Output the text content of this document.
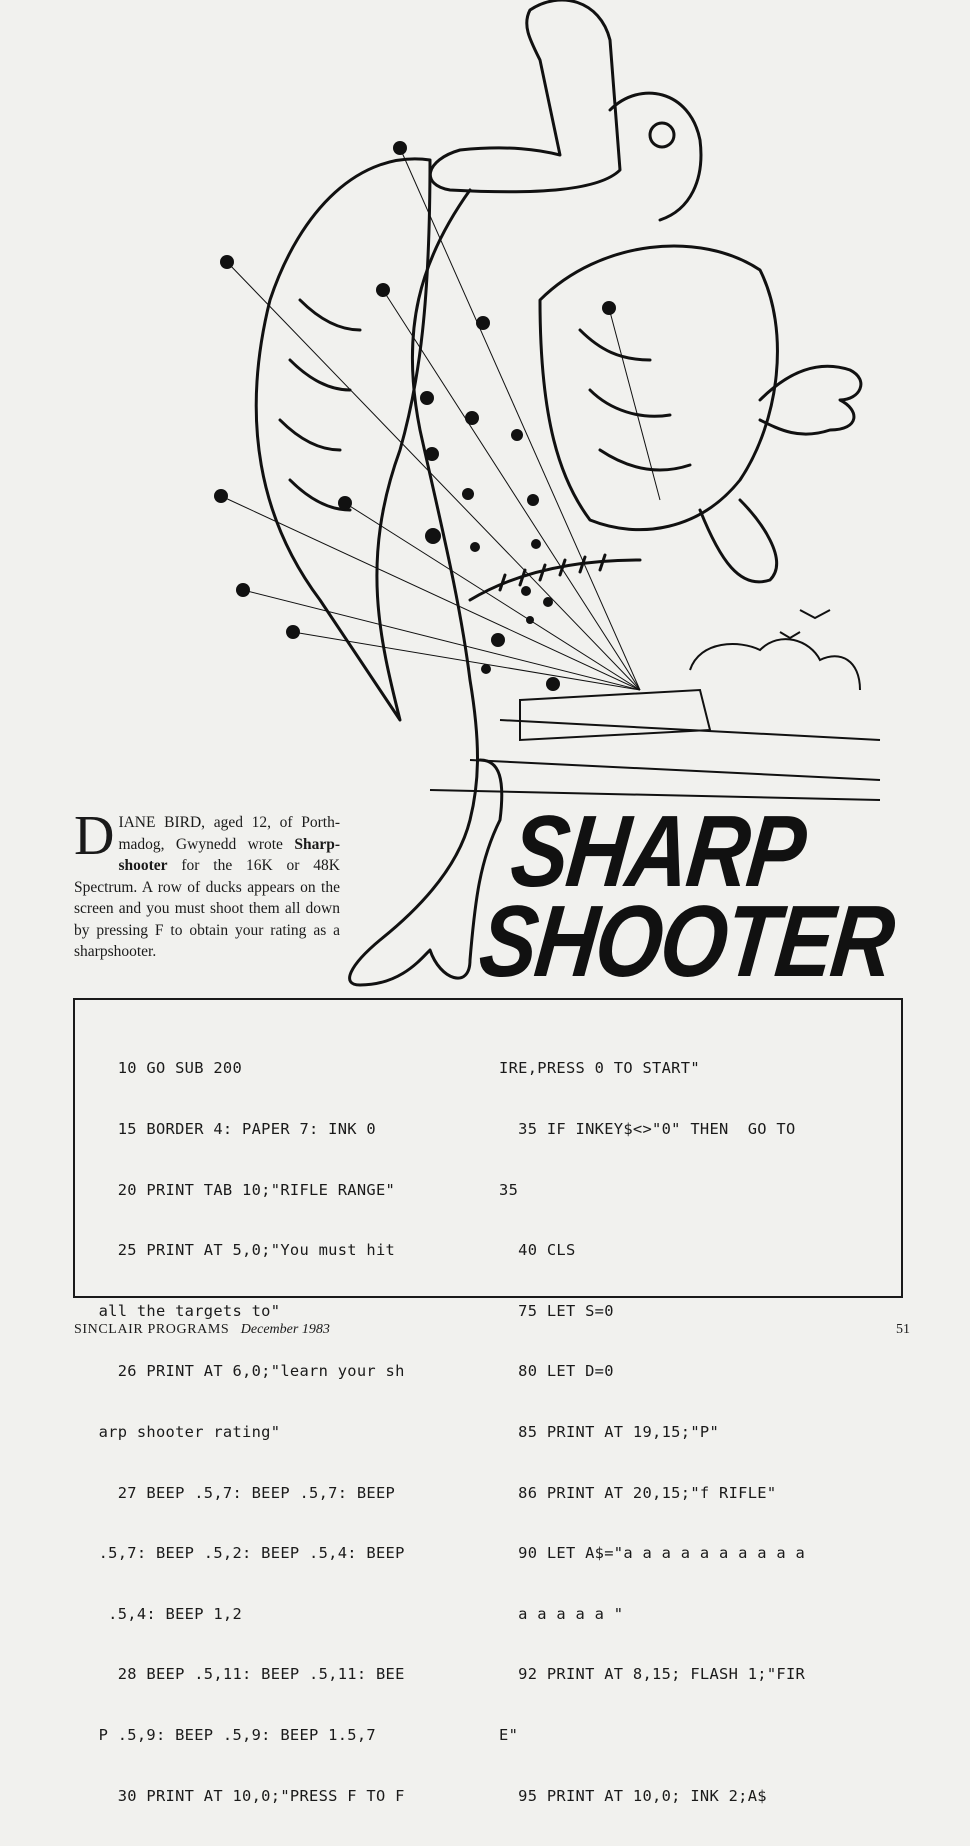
DIANE BIRD, aged 12, of Porth-madog, Gwynedd wrote Sharp-shooter for the 16K or 48K Spectrum. A row of ducks appears on the screen and you must shoot them all down by pressing F to obtain your rating as a sharpshooter.
SHARP
SHOOTER

10 GO SUB 200

15 BORDER 4: PAPER 7: INK 0

20 PRINT TAB 10;"RIFLE RANGE"

25 PRINT AT 5,0;"You must hit

all the targets to"

26 PRINT AT 6,0;"learn your sh

arp shooter rating"

27 BEEP .5,7: BEEP .5,7: BEEP

.5,7: BEEP .5,2: BEEP .5,4: BEEP

.5,4: BEEP 1,2

28 BEEP .5,11: BEEP .5,11: BEE

P .5,9: BEEP .5,9: BEEP 1.5,7

30 PRINT AT 10,0;"PRESS F TO F

IRE,PRESS 0 TO START"

35 IF INKEY$<>"0" THEN  GO TO

35

40 CLS

75 LET S=0

80 LET D=0

85 PRINT AT 19,15;"P"

86 PRINT AT 20,15;"f RIFLE"

90 LET A$="a a a a a a a a a a

a a a a a "

92 PRINT AT 8,15; FLASH 1;"FIR

E"

95 PRINT AT 10,0; INK 2;A$

SINCLAIR PROGRAMS December 1983	51
